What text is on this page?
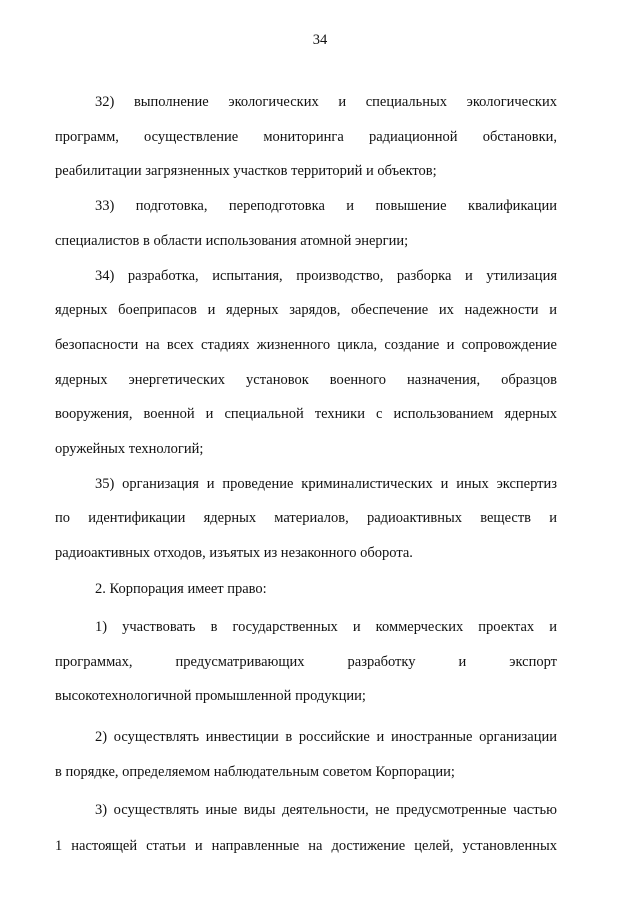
34
32) выполнение экологических и специальных экологических
программ, осуществление мониторинга радиационной обстановки,
реабилитации загрязненных участков территорий и объектов;
33) подготовка, переподготовка и повышение квалификации
специалистов в области использования атомной энергии;
34) разработка, испытания, производство, разборка и утилизация
ядерных боеприпасов и ядерных зарядов, обеспечение их надежности и
безопасности на всех стадиях жизненного цикла, создание и сопровождение
ядерных энергетических установок военного назначения, образцов
вооружения, военной и специальной техники с использованием ядерных
оружейных технологий;
35) организация и проведение криминалистических и иных экспертиз
по идентификации ядерных материалов, радиоактивных веществ и
радиоактивных отходов, изъятых из незаконного оборота.
2. Корпорация имеет право:
1) участвовать в государственных и коммерческих проектах и
программах, предусматривающих разработку и экспорт
высокотехнологичной промышленной продукции;
2) осуществлять инвестиции в российские и иностранные организации
в порядке, определяемом наблюдательным советом Корпорации;
3) осуществлять иные виды деятельности, не предусмотренные частью
1 настоящей статьи и направленные на достижение целей, установленных
